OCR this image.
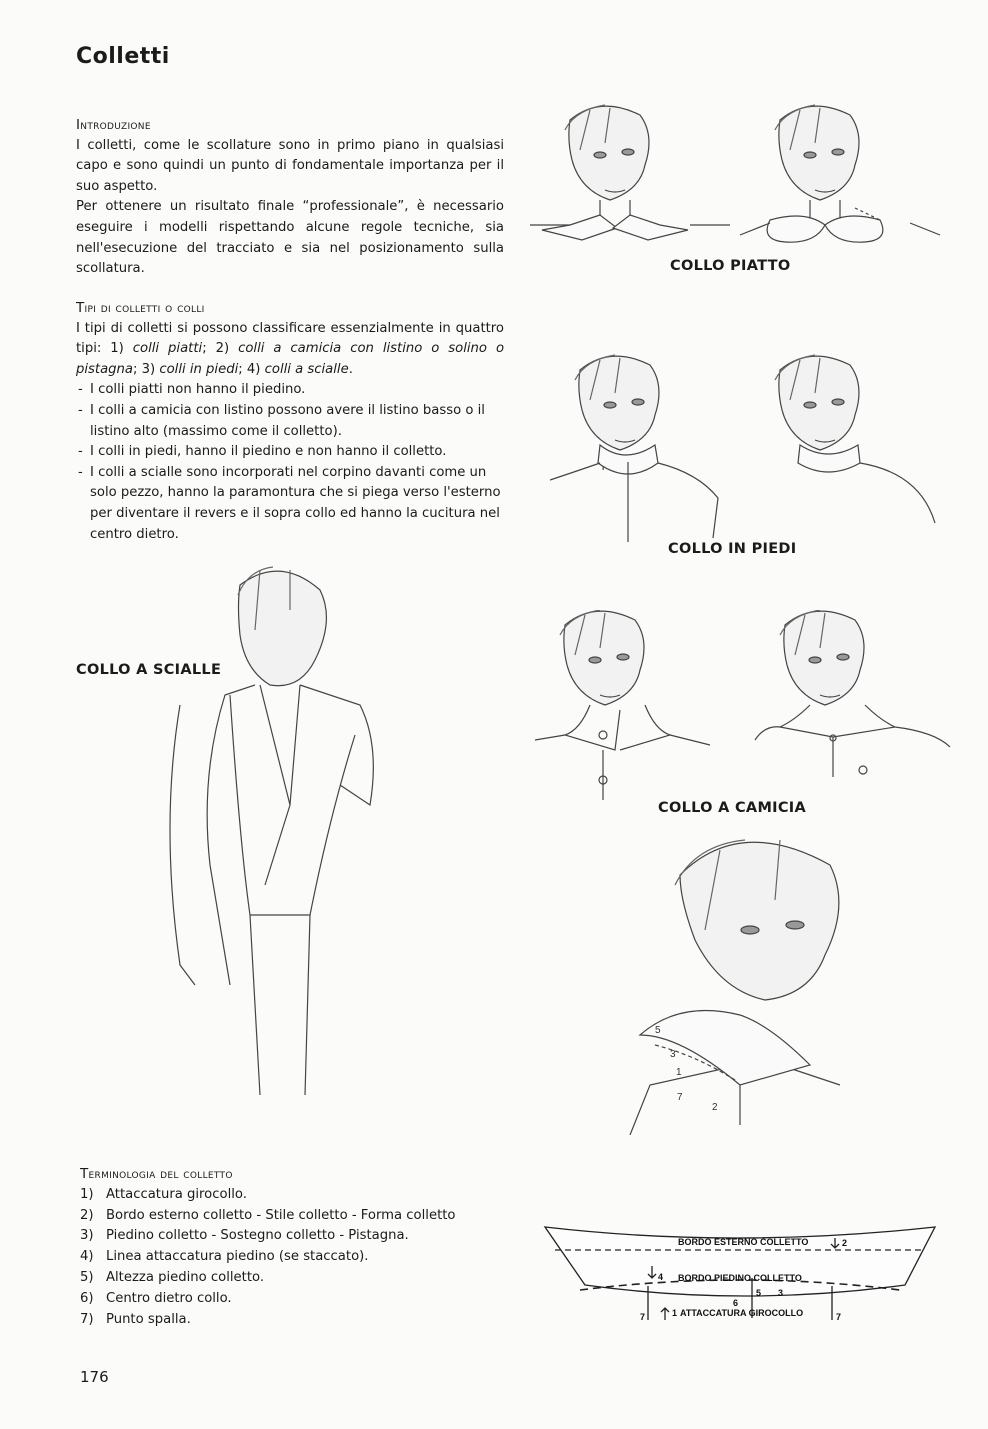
Colletti
Introduzione
I colletti, come le scollature sono in primo piano in qualsiasi capo e sono quindi un punto di fondamentale importanza per il suo aspetto.
Per ottenere un risultato finale “professionale”, è necessario eseguire i modelli rispettando alcune regole tecniche, sia nell'esecuzione del tracciato e sia nel posizionamento sulla scollatura.
Tipi di colletti o colli
I tipi di colletti si possono classificare essenzialmente in quattro tipi: 1) colli piatti; 2) colli a camicia con listino o solino o pistagna; 3) colli in piedi; 4) colli a scialle.
- I colli piatti non hanno il piedino.
- I colli a camicia con listino possono avere il listino basso o il listino alto (massimo come il colletto).
- I colli in piedi, hanno il piedino e non hanno il colletto.
- I colli a scialle sono incorporati nel corpino davanti come un solo pezzo, hanno la paramontura che si piega verso l'esterno per diventare il revers e il sopra collo ed hanno la cucitura nel centro dietro.
COLLO PIATTO
COLLO IN PIEDI
COLLO A SCIALLE
COLLO A CAMICIA
5
3
1
2
7
Terminologia del colletto
1) Attaccatura girocollo.
2) Bordo esterno colletto - Stile colletto - Forma colletto
3) Piedino colletto - Sostegno colletto - Pistagna.
4) Linea attaccatura piedino (se staccato).
5) Altezza piedino colletto.
6) Centro dietro collo.
7) Punto spalla.
BORDO ESTERNO COLLETTO	2
4 BORDO PIEDINO COLLETTO
6
5 3
7	1 ATTACCATURA GIROCOLLO	7
176
